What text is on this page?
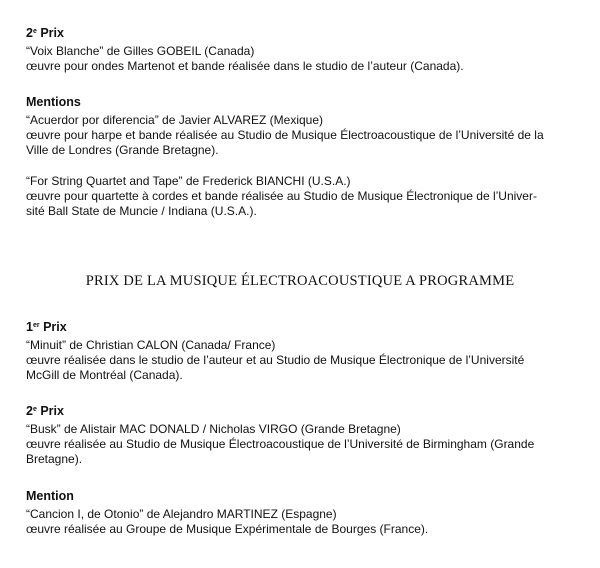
2e Prix

“Voix Blanche” de Gilles GOBEIL (Canada)

œuvre pour ondes Martenot et bande réalisée dans le studio de l’auteur (Canada).

Mentions

“Acuerdor por diferencia” de Javier ALVAREZ (Mexique)

œuvre pour harpe et bande réalisée au Studio de Musique Électroacoustique de l’Université de la

Ville de Londres (Grande Bretagne).

“For String Quartet and Tape” de Frederick BIANCHI (U.S.A.)

œuvre pour quartette à cordes et bande réalisée au Studio de Musique Électronique de l’Univer-

sité Ball State de Muncie / Indiana (U.S.A.).

PRIX DE LA MUSIQUE ÉLECTROACOUSTIQUE A PROGRAMME

1er Prix

“Minuit” de Christian CALON (Canada/ France)

œuvre réalisée dans le studio de l’auteur et au Studio de Musique Électronique de l’Université

McGill de Montréal (Canada).

2e Prix

“Busk” de Alistair MAC DONALD / Nicholas VIRGO (Grande Bretagne)

œuvre réalisée au Studio de Musique Électroacoustique de l’Université de Birmingham (Grande

Bretagne).

Mention

“Cancion I, de Otonio” de Alejandro MARTINEZ (Espagne)

œuvre réalisée au Groupe de Musique Expérimentale de Bourges (France).
